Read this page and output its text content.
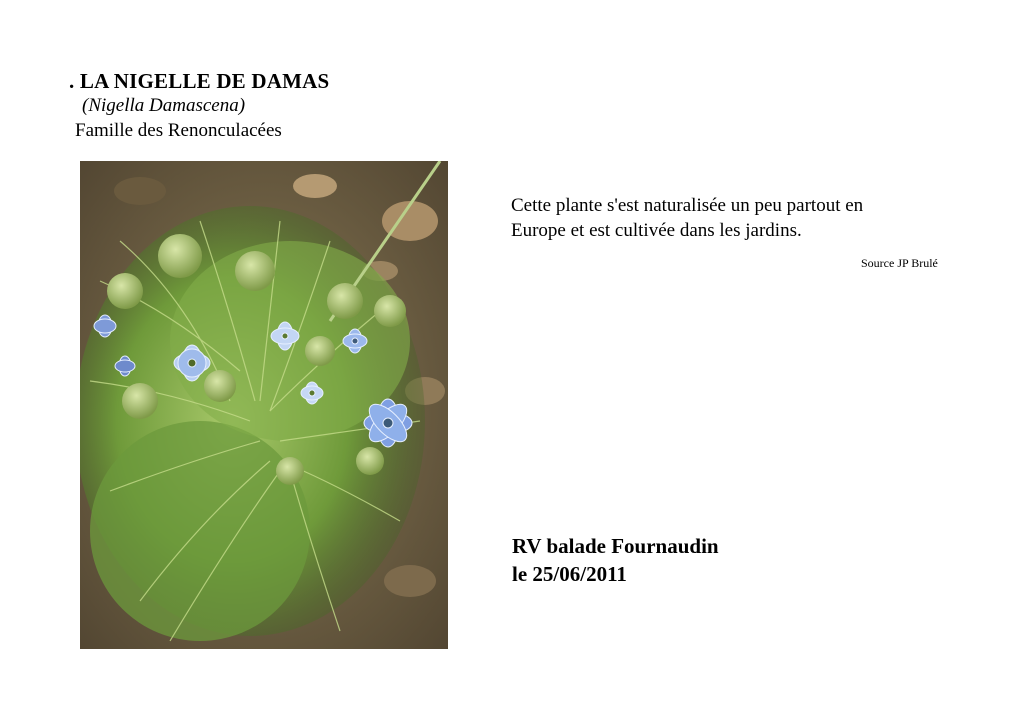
. LA NIGELLE DE DAMAS
(Nigella Damascena)
Famille des Renonculacées

Cette plante s'est naturalisée un peu partout en

Europe et est cultivée dans les jardins.

Source JP Brulé

RV balade Fournaudin

le 25/06/2011
